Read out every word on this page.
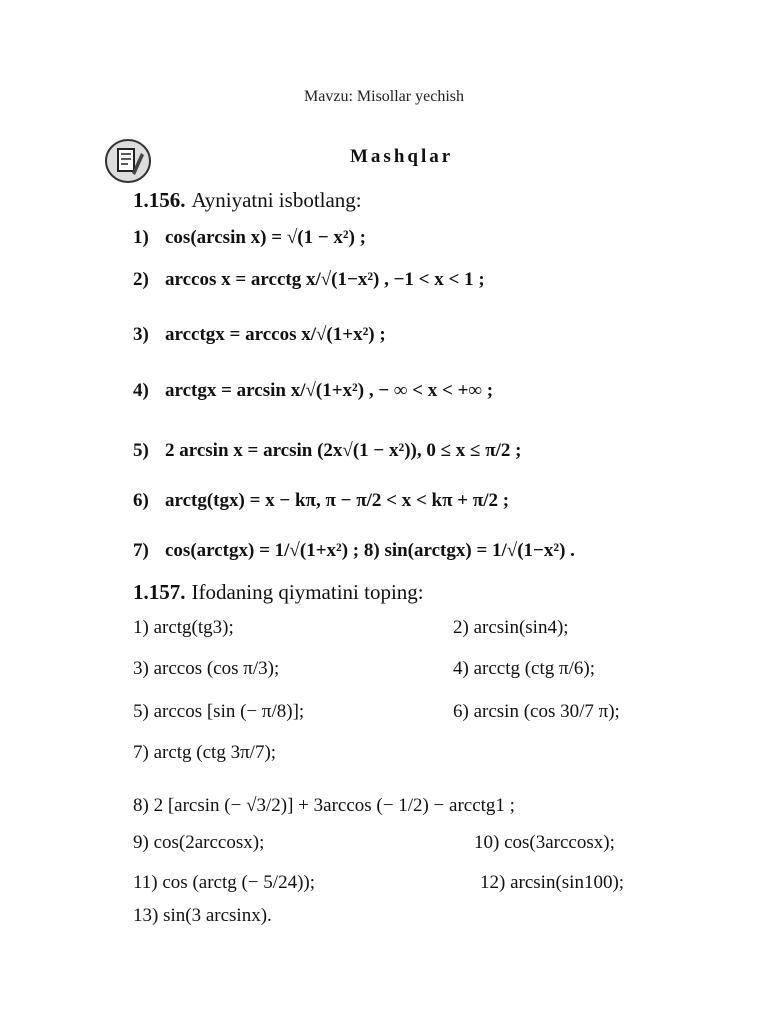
Mavzu: Misollar yechish
Mashqlar
1.156. Ayniyatni isbotlang:
1) cos(arcsin x) = √(1 − x²) ;
2) arccos x = arcctg x/√(1−x²) , −1 < x < 1 ;
3) arcctgx = arccos x/√(1+x²) ;
4) arctgx = arcsin x/√(1+x²) , − ∞ < x < +∞ ;
5) 2 arcsin x = arcsin (2x√(1 − x²)), 0 ≤ x ≤ π/2 ;
6) arctg(tgx) = x − kπ, π − π/2 < x < kπ + π/2 ;
7) cos(arctgx) = 1/√(1+x²) ; 8) sin(arctgx) = 1/√(1−x²) .
1.157. Ifodaning qiymatini toping:
1) arctg(tg3);	2) arcsin(sin4);
3) arccos (cos π/3);	4) arcctg (ctg π/6);
5) arccos [sin (− π/8)];	6) arcsin (cos 30/7 π);
7) arctg (ctg 3π/7);
8) 2 [arcsin (− √3/2)] + 3arccos (− 1/2) − arcctg1 ;
9) cos(2arccosx);	10) cos(3arccosx);
11) cos (arctg (− 5/24));	12) arcsin(sin100);
13) sin(3 arcsinx).
